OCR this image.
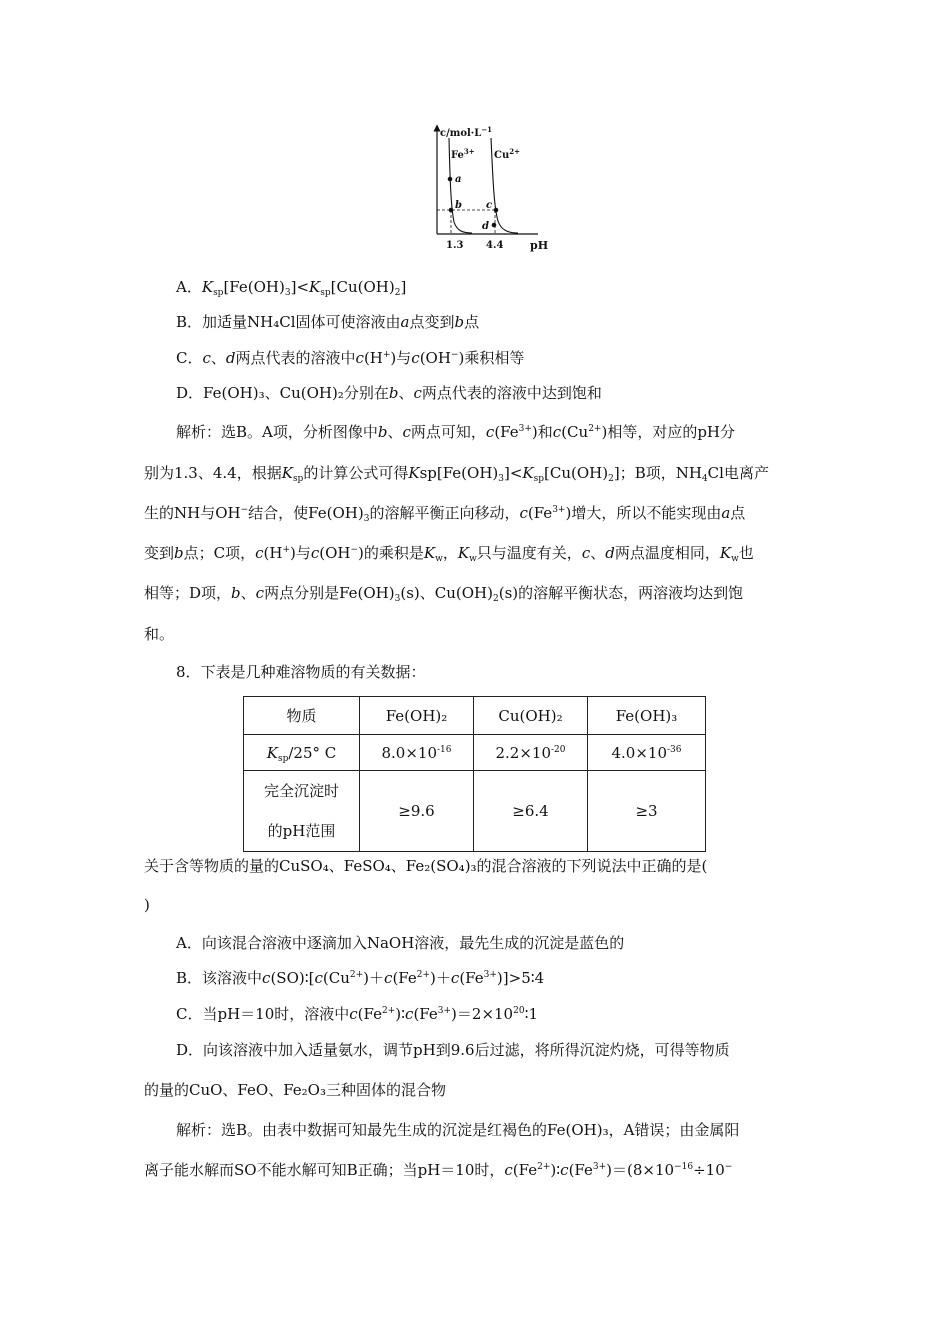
$c/mol\cdot L^{-1}$
pH
1.3 4.4
$Fe^{3+}$ $Cu^{2+}$
a
b c
d
A．$K_{sp}[Fe(OH)_3]<K_{sp}[Cu(OH)_2]$
B．加适量NH₄Cl固体可使溶液由a点变到b点
C．c、d两点代表的溶液中c(H+)与c(OH−)乘积相等
D．Fe(OH)₃、Cu(OH)₂分别在b、c两点代表的溶液中达到饱和
解析：选B。A项，分析图像中b、c两点可知，$c(Fe^{3+})$和$c(Cu^{2+})$相等，对应的pH分
别为1.3、4.4，根据$K_{sp}$的计算公式可得$Ksp[Fe(OH)_3]<K_{sp}[Cu(OH)_2]$；B项，$NH_4Cl$电离产
生的NH与OH−结合，使$Fe(OH)_3$的溶解平衡正向移动，$c(Fe^{3+})$增大，所以不能实现由a点
变到b点；C项，c(H+)与c(OH−)的乘积是$K_w$，$K_w$只与温度有关，c、d两点温度相同，$K_w$也
相等；D项，b、c两点分别是$Fe(OH)_3(s)$、$Cu(OH)_2(s)$的溶解平衡状态，两溶液均达到饱
和。
8．下表是几种难溶物质的有关数据：
物质	Fe(OH)₂	Cu(OH)₂	Fe(OH)₃
$K_{sp}/25^\circ$ C	$8.0\times 10^{-16}$	$2.2\times 10^{-20}$	$4.0\times 10^{-36}$
完全沉淀时
的pH范围	≥9.6	≥6.4	≥3
关于含等物质的量的CuSO₄、FeSO₄、Fe₂(SO₄)₃的混合溶液的下列说法中正确的是(
)
A．向该混合溶液中逐滴加入NaOH溶液，最先生成的沉淀是蓝色的
B．该溶液中$c(SO)∶[c(Cu^{2+})+c(Fe^{2+})+c(Fe^{3+})]>5∶4$
C．当pH＝10时，溶液中$c(Fe^{2+})∶c(Fe^{3+})=2\times 10^{20}∶1$
D．向该溶液中加入适量氨水，调节pH到9.6后过滤，将所得沉淀灼烧，可得等物质
的量的CuO、FeO、Fe₂O₃三种固体的混合物
解析：选B。由表中数据可知最先生成的沉淀是红褐色的Fe(OH)₃，A错误；由金属阳
离子能水解而SO不能水解可知B正确；当pH＝10时，$c(Fe^{2+})∶c(Fe^{3+})=(8\times 10^{-16}\div 10^-$
